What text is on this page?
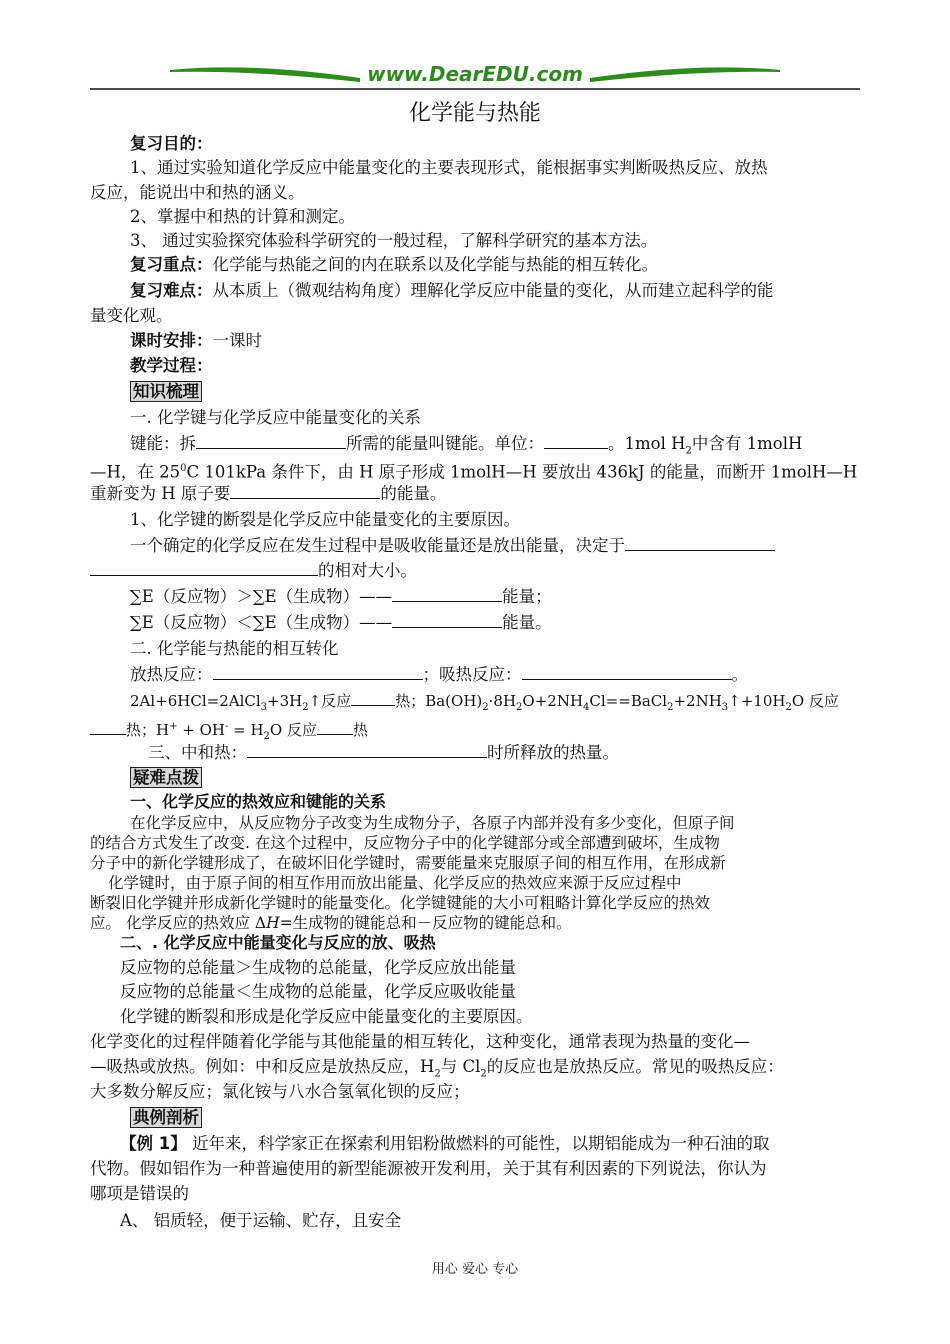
www.DearEDU.com
化学能与热能
复习目的：
1、通过实验知道化学反应中能量变化的主要表现形式，能根据事实判断吸热反应、放热
反应，能说出中和热的涵义。
2、掌握中和热的计算和测定。
3、 通过实验探究体验科学研究的一般过程，了解科学研究的基本方法。
复习重点：化学能与热能之间的内在联系以及化学能与热能的相互转化。
复习难点：从本质上（微观结构角度）理解化学反应中能量的变化，从而建立起科学的能
量变化观。
课时安排：一课时
教学过程：
知识梳理
一. 化学键与化学反应中能量变化的关系
键能：拆	所需的能量叫键能。单位：	。1mol $H_2$中含有 1molH
—H，在 $25^0C$ 101kPa 条件下，由 H 原子形成 1molH—H 要放出 436kJ 的能量，而断开 1molH—H
重新变为 H 原子要	的能量。
1、化学键的断裂是化学反应中能量变化的主要原因。
一个确定的化学反应在发生过程中是吸收能量还是放出能量，决定于
的相对大小。
∑E（反应物）＞∑E（生成物）——	能量；
∑E（反应物）＜∑E（生成物）——	能量。
二. 化学能与热能的相互转化
放热反应：	；吸热反应：	。
$2Al+6HCl=2AlCl_3+3H_2↑$反应	热；$Ba(OH)_2\cdot 8H_2O+2NH_4Cl==BaCl_2+2NH_3↑+10H_2O$ 反应
热；$H^+ + OH^- = H_2O$ 反应 热
三、中和热：	时所释放的热量。
疑难点拨
一、化学反应的热效应和键能的关系
在化学反应中，从反应物分子改变为生成物分子，各原子内部并没有多少变化，但原子间
的结合方式发生了改变. 在这个过程中，反应物分子中的化学键部分或全部遭到破坏，生成物
分子中的新化学键形成了，在破坏旧化学键时，需要能量来克服原子间的相互作用，在形成新
化学键时，由于原子间的相互作用而放出能量、化学反应的热效应来源于反应过程中
断裂旧化学键并形成新化学键时的能量变化。化学键键能的大小可粗略计算化学反应的热效
应。 化学反应的热效应 ΔH=生成物的键能总和－反应物的键能总和。
二、. 化学反应中能量变化与反应的放、吸热
反应物的总能量＞生成物的总能量，化学反应放出能量
反应物的总能量＜生成物的总能量，化学反应吸收能量
化学键的断裂和形成是化学反应中能量变化的主要原因。
化学变化的过程伴随着化学能与其他能量的相互转化，这种变化，通常表现为热量的变化—
—吸热或放热。例如：中和反应是放热反应，$H_2$与 $Cl_2$的反应也是放热反应。常见的吸热反应：
大多数分解反应；氯化铵与八水合氢氧化钡的反应；
典例剖析
【例 1】 近年来，科学家正在探索利用铝粉做燃料的可能性，以期铝能成为一种石油的取
代物。假如铝作为一种普遍使用的新型能源被开发利用，关于其有利因素的下列说法，你认为
哪项是错误的
A、 铝质轻，便于运输、贮存，且安全
用心 爱心 专心
